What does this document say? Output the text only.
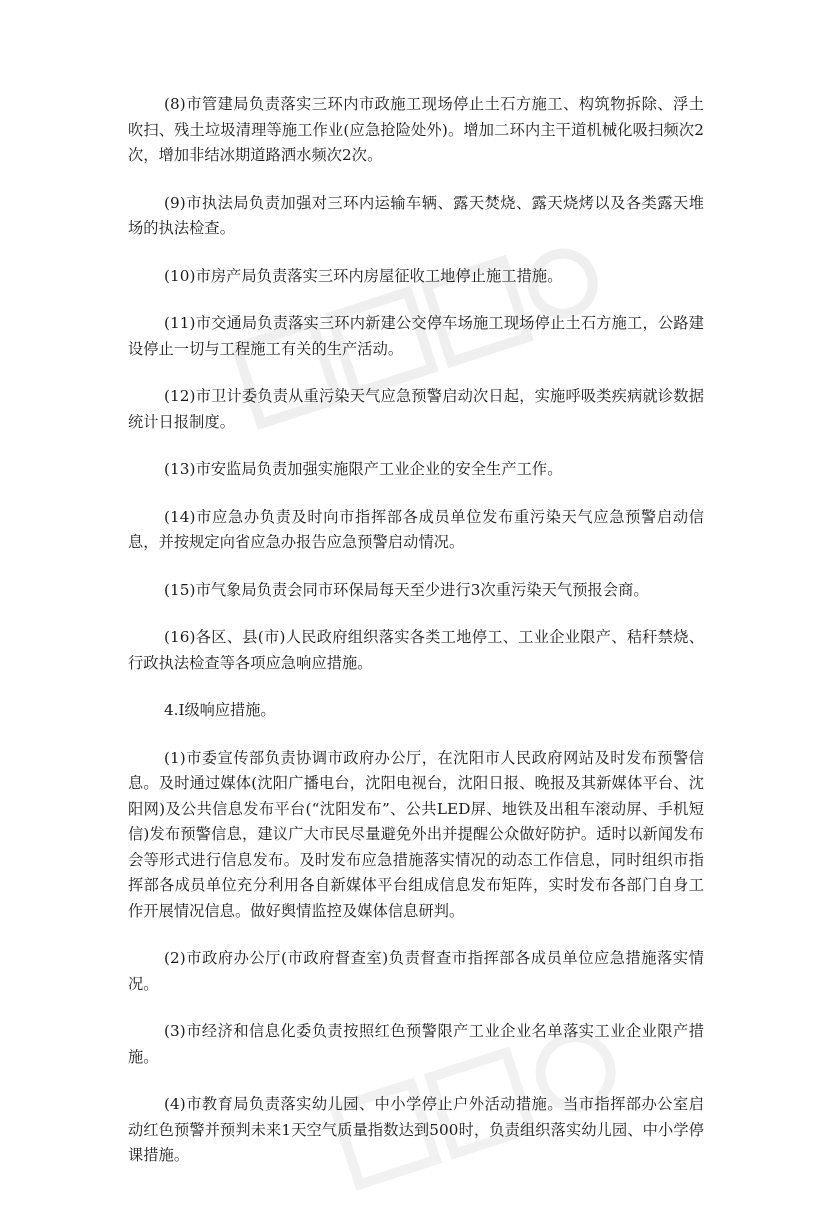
(8)市管建局负责落实三环内市政施工现场停止土石方施工、构筑物拆除、浮土吹扫、残土垃圾清理等施工作业(应急抢险处外)。增加二环内主干道机械化吸扫频次2次，增加非结冰期道路洒水频次2次。

(9)市执法局负责加强对三环内运输车辆、露天焚烧、露天烧烤以及各类露天堆场的执法检查。

(10)市房产局负责落实三环内房屋征收工地停止施工措施。

(11)市交通局负责落实三环内新建公交停车场施工现场停止土石方施工，公路建设停止一切与工程施工有关的生产活动。

(12)市卫计委负责从重污染天气应急预警启动次日起，实施呼吸类疾病就诊数据统计日报制度。

(13)市安监局负责加强实施限产工业企业的安全生产工作。

(14)市应急办负责及时向市指挥部各成员单位发布重污染天气应急预警启动信息，并按规定向省应急办报告应急预警启动情况。

(15)市气象局负责会同市环保局每天至少进行3次重污染天气预报会商。

(16)各区、县(市)人民政府组织落实各类工地停工、工业企业限产、秸秆禁烧、行政执法检查等各项应急响应措施。

4.Ⅰ级响应措施。

(1)市委宣传部负责协调市政府办公厅，在沈阳市人民政府网站及时发布预警信息。及时通过媒体(沈阳广播电台，沈阳电视台，沈阳日报、晚报及其新媒体平台、沈阳网)及公共信息发布平台(“沈阳发布”、公共LED屏、地铁及出租车滚动屏、手机短信)发布预警信息，建议广大市民尽量避免外出并提醒公众做好防护。适时以新闻发布会等形式进行信息发布。及时发布应急措施落实情况的动态工作信息，同时组织市指挥部各成员单位充分利用各自新媒体平台组成信息发布矩阵，实时发布各部门自身工作开展情况信息。做好舆情监控及媒体信息研判。

(2)市政府办公厅(市政府督查室)负责督查市指挥部各成员单位应急措施落实情况。

(3)市经济和信息化委负责按照红色预警限产工业企业名单落实工业企业限产措施。

(4)市教育局负责落实幼儿园、中小学停止户外活动措施。当市指挥部办公室启动红色预警并预判未来1天空气质量指数达到500时，负责组织落实幼儿园、中小学停课措施。
